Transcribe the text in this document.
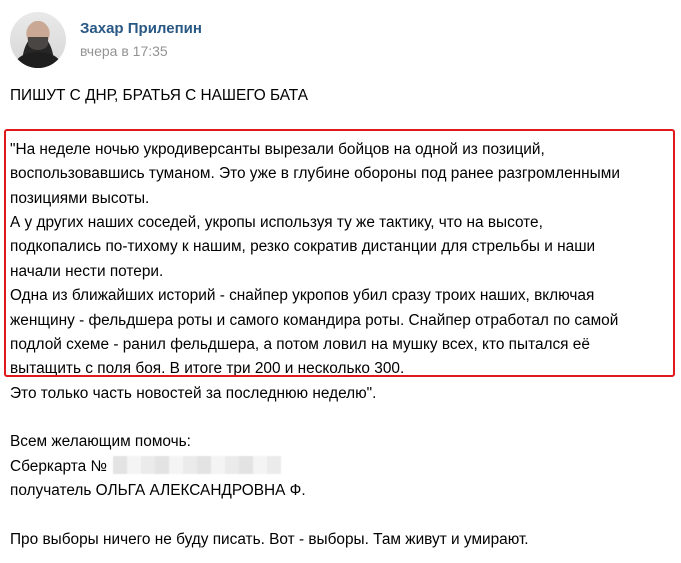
Захар Прилепин
вчера в 17:35
ПИШУТ С ДНР, БРАТЬЯ С НАШЕГО БАТА
"На неделе ночью укродиверсанты вырезали бойцов на одной из позиций,
воспользовавшись туманом. Это уже в глубине обороны под ранее разгромленными
позициями высоты.
А у других наших соседей, укропы используя ту же тактику, что на высоте,
подкопались по-тихому к нашим, резко сократив дистанции для стрельбы и наши
начали нести потери.
Одна из ближайших историй - снайпер укропов убил сразу троих наших, включая
женщину - фельдшера роты и самого командира роты. Снайпер отработал по самой
подлой схеме - ранил фельдшера, а потом ловил на мушку всех, кто пытался её
вытащить с поля боя. В итоге три 200 и несколько 300.
Это только часть новостей за последнюю неделю".
Всем желающим помочь:
Сберкарта №
получатель ОЛЬГА АЛЕКСАНДРОВНА Ф.
Про выборы ничего не буду писать. Вот - выборы. Там живут и умирают.
